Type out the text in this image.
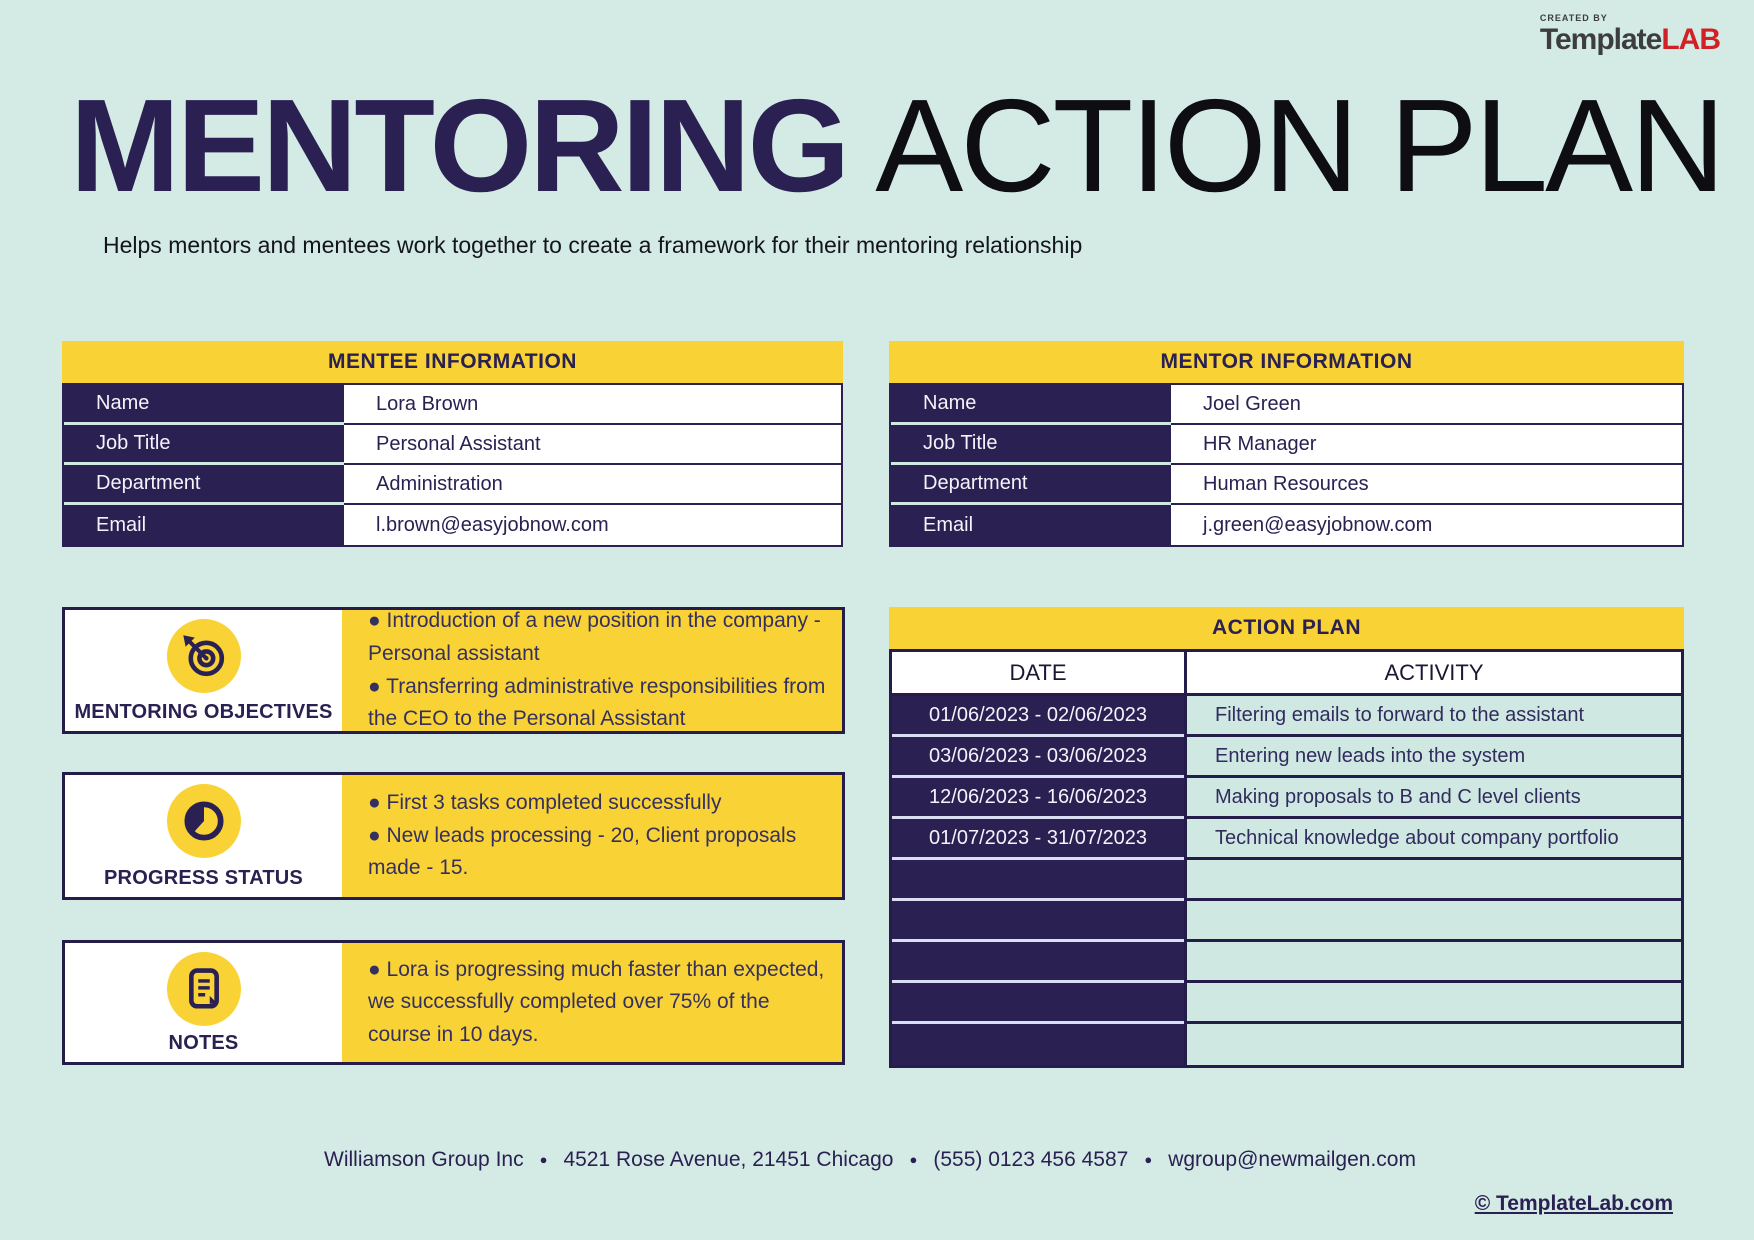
CREATED BY
TemplateLAB
MENTORING ACTION PLAN
Helps mentors and mentees work together to create a framework for their mentoring relationship
MENTEE INFORMATION
Name	Lora Brown
Job Title	Personal Assistant
Department	Administration
Email	l.brown@easyjobnow.com
MENTOR INFORMATION
Name	Joel Green
Job Title	HR Manager
Department	Human Resources
Email	j.green@easyjobnow.com
MENTORING OBJECTIVES
● Introduction of a new position in the company - Personal assistant
● Transferring administrative responsibilities from the CEO to the Personal Assistant
PROGRESS STATUS
● First 3 tasks completed successfully
● New leads processing - 20, Client proposals made - 15.
NOTES
● Lora is progressing much faster than expected, we successfully completed over 75% of the course in 10 days.
ACTION PLAN
DATE	ACTIVITY
01/06/2023 - 02/06/2023	Filtering emails to forward to the assistant
03/06/2023 - 03/06/2023	Entering new leads into the system
12/06/2023 - 16/06/2023	Making proposals to B and C level clients
01/07/2023 - 31/07/2023	Technical knowledge about company portfolio
Williamson Group Inc ● 4521 Rose Avenue, 21451 Chicago ● (555) 0123 456 4587 ● wgroup@newmailgen.com
© TemplateLab.com
